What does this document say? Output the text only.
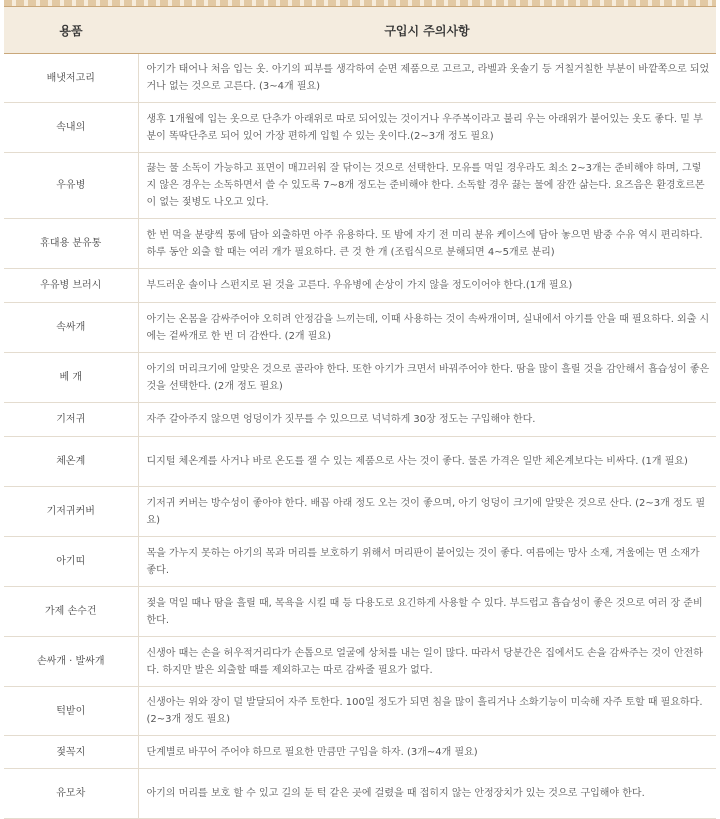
용품	구입시 주의사항
배냇저고리	아기가 태어나 처음 입는 옷. 아기의 피부를 생각하여 순면 제품으로 고르고, 라벨과 옷솔기 등 거칠거칠한 부분이 바깥쪽으로 되었거나 없는 것으로 고른다. (3~4개 필요)
속내의	생후 1개월에 입는 옷으로 단추가 아래위로 따로 되어있는 것이거나 우주복이라고 불리 우는 아래위가 붙어있는 옷도 좋다. 밑 부분이 똑딱단추로 되어 있어 가장 편하게 입힐 수 있는 옷이다.(2~3개 정도 필요)
우유병	끓는 물 소독이 가능하고 표면이 매끄러워 잘 닦이는 것으로 선택한다. 모유를 먹일 경우라도 최소 2~3개는 준비해야 하며, 그렇지 않은 경우는 소독하면서 쓸 수 있도록 7~8개 정도는 준비해야 한다. 소독할 경우 끓는 물에 잠깐 삶는다. 요즈음은 환경호르몬이 없는 젖병도 나오고 있다.
휴대용 분유통	한 번 먹을 분량씩 통에 담아 외출하면 아주 유용하다. 또 밤에 자기 전 미리 분유 케이스에 담아 놓으면 밤중 수유 역시 편리하다. 하루 동안 외출 할 때는 여러 개가 필요하다. 큰 것 한 개 (조립식으로 분해되면 4~5개로 분리)
우유병 브러시	부드러운 솔이나 스펀지로 된 것을 고른다. 우유병에 손상이 가지 않을 정도이어야 한다.(1개 필요)
속싸개	아기는 온몸을 감싸주어야 오히려 안정감을 느끼는데, 이때 사용하는 것이 속싸개이며, 실내에서 아기를 안을 때 필요하다. 외출 시에는 겉싸개로 한 번 더 감싼다. (2개 필요)
베 개	아기의 머리크기에 알맞은 것으로 골라야 한다. 또한 아기가 크면서 바꿔주어야 한다. 땀을 많이 흘릴 것을 감안해서 흡습성이 좋은 것을 선택한다. (2개 정도 필요)
기저귀	자주 갈아주지 않으면 엉덩이가 짓무를 수 있으므로 넉넉하게 30장 정도는 구입해야 한다.
체온계	디지털 체온계를 사거나 바로 온도를 잴 수 있는 제품으로 사는 것이 좋다. 물론 가격은 일반 체온계보다는 비싸다. (1개 필요)
기저귀커버	기저귀 커버는 방수성이 좋아야 한다. 배꼽 아래 정도 오는 것이 좋으며, 아기 엉덩이 크기에 알맞은 것으로 산다. (2~3개 정도 필요)
아기띠	목을 가누지 못하는 아기의 목과 머리를 보호하기 위해서 머리판이 붙어있는 것이 좋다. 여름에는 망사 소재, 겨울에는 면 소재가 좋다.
가제 손수건	젖을 먹일 때나 땀을 흘릴 때, 목욕을 시킬 때 등 다용도로 요긴하게 사용할 수 있다. 부드럽고 흡습성이 좋은 것으로 여러 장 준비한다.
손싸개 · 발싸개	신생아 때는 손을 허우적거리다가 손톱으로 얼굴에 상처를 내는 일이 많다. 따라서 당분간은 집에서도 손을 감싸주는 것이 안전하다. 하지만 발은 외출할 때를 제외하고는 따로 감싸줄 필요가 없다.
턱받이	신생아는 위와 장이 덜 발달되어 자주 토한다. 100일 정도가 되면 침을 많이 흘리거나 소화기능이 미숙해 자주 토할 때 필요하다. (2~3개 정도 필요)
젖꼭지	단계별로 바꾸어 주어야 하므로 필요한 만큼만 구입을 하자. (3개~4개 필요)
유모차	아기의 머리를 보호 할 수 있고 길의 둔 턱 같은 곳에 걸렸을 때 접히지 않는 안정장치가 있는 것으로 구입해야 한다.
